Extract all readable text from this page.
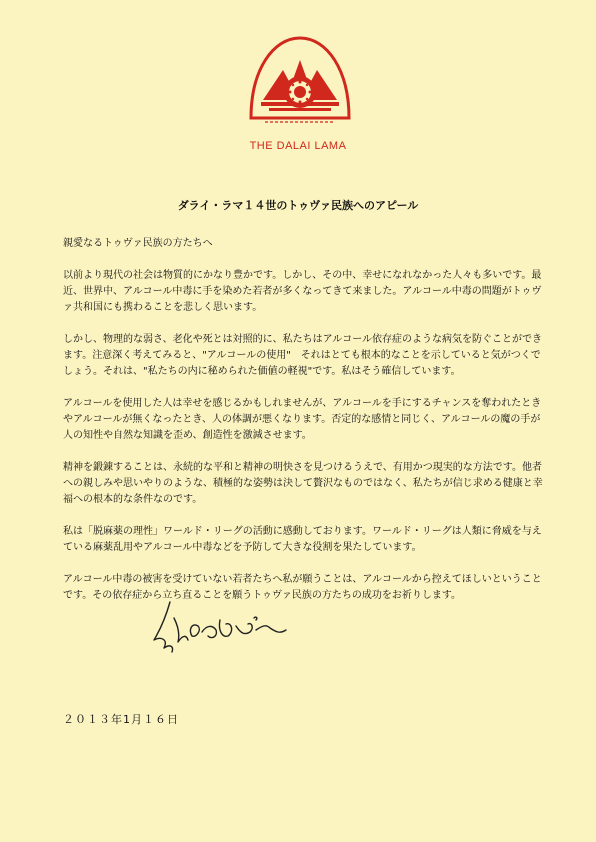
THE DALAI LAMA
ダライ・ラマ１４世のトゥヴァ民族へのアピール

親愛なるトゥヴァ民族の方たちへ

以前より現代の社会は物質的にかなり豊かです。しかし、その中、幸せになれなかった人々も多いです。最近、世界中、アルコール中毒に手を染めた若者が多くなってきて来ました。アルコール中毒の問題がトゥヴァ共和国にも携わることを悲しく思います。

しかし、物理的な弱さ、老化や死とは対照的に、私たちはアルコール依存症のような病気を防ぐことができます。注意深く考えてみると、"アルコールの使用"　それはとても根本的なことを示していると気がつくでしょう。それは、"私たちの内に秘められた価値の軽視"です。私はそう確信しています。

アルコールを使用した人は幸せを感じるかもしれませんが、アルコールを手にするチャンスを奪われたときやアルコールが無くなったとき、人の体調が悪くなります。否定的な感情と同じく、アルコールの魔の手が人の知性や自然な知識を歪め、創造性を激減させます。

精神を鍛錬することは、永続的な平和と精神の明快さを見つけるうえで、有用かつ現実的な方法です。他者への親しみや思いやりのような、積極的な姿勢は決して贅沢なものではなく、私たちが信じ求める健康と幸福への根本的な条件なのです。

私は「脱麻薬の理性」ワールド・リーグの活動に感動しております。ワールド・リーグは人類に脅威を与えている麻薬乱用やアルコール中毒などを予防して大きな役割を果たしています。

アルコール中毒の被害を受けていない若者たちへ私が願うことは、アルコールから控えてほしいということです。その依存症から立ち直ることを願うトゥヴァ民族の方たちの成功をお祈りします。

２０１３年1月１６日
